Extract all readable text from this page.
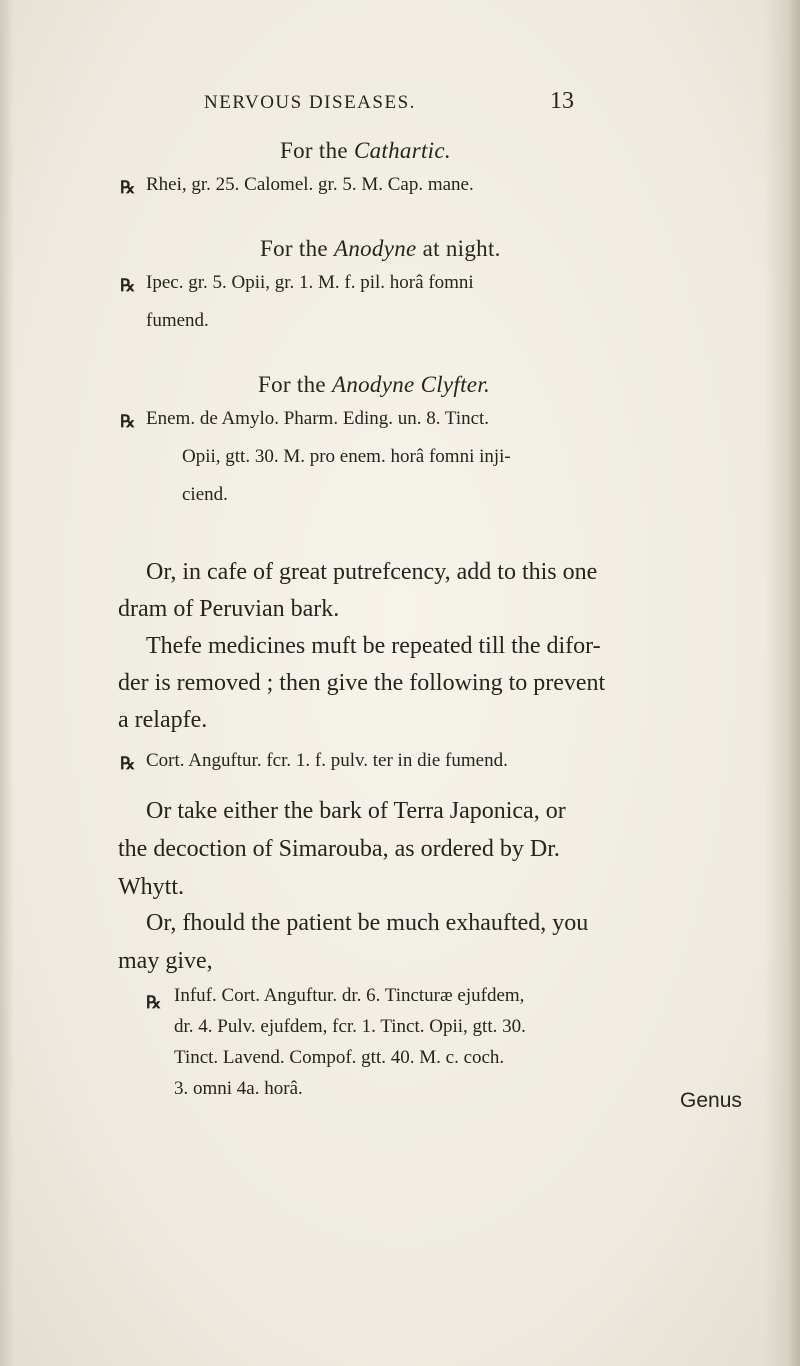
NERVOUS DISEASES.	13
For the Cathartic.
℞ Rhei, gr. 25. Calomel. gr. 5. M. Cap. mane.
For the Anodyne at night.
℞ Ipec. gr. 5. Opii, gr. 1. M. f. pil. horâ fomni
fumend.
For the Anodyne Clyfter.
℞ Enem. de Amylo. Pharm. Eding. un. 8. Tinct.
Opii, gtt. 30. M. pro enem. horâ fomni inji-
ciend.
Or, in cafe of great putrefcency, add to this one
dram of Peruvian bark.
Thefe medicines muft be repeated till the difor-
der is removed ; then give the following to prevent
a relapfe.
℞ Cort. Anguftur. fcr. 1. f. pulv. ter in die fumend.
Or take either the bark of Terra Japonica, or
the decoction of Simarouba, as ordered by Dr.
Whytt.
Or, fhould the patient be much exhaufted, you
may give,
℞ Infuf. Cort. Anguftur. dr. 6. Tincturæ ejufdem,
dr. 4. Pulv. ejufdem, fcr. 1. Tinct. Opii, gtt. 30.
Tinct. Lavend. Compof. gtt. 40. M. c. coch.
3. omni 4a. horâ.
Genus
